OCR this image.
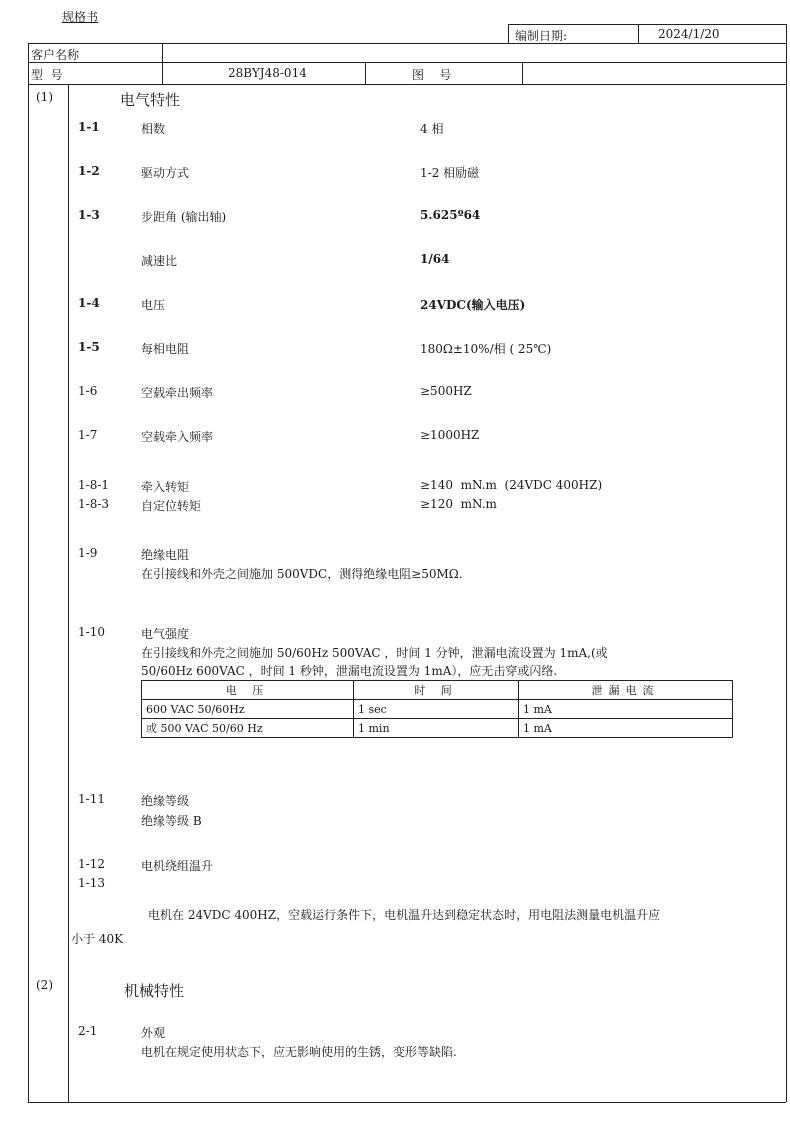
规格书
编制日期:	2024/1/20
客户名称
型  号	28BYJ48-014	图    号
(1)	电气特性
1-1	相数	4 相
1-2	驱动方式	1-2 相励磁
1-3	步距角 (输出轴)	5.625º64
减速比	1/64
1-4	电压	24VDC(输入电压)
1-5	每相电阻	180Ω±10%/相 ( 25℃)
1-6	空载牵出频率	≥500HZ
1-7	空载牵入频率	≥1000HZ
1-8-1	牵入转矩	≥140  mN.m  (24VDC 400HZ)
1-8-3	自定位转矩	≥120  mN.m
1-9	绝缘电阻
在引接线和外壳之间施加 500VDC，测得绝缘电阻≥50MΩ.
1-10	电气强度
在引接线和外壳之间施加 50/60Hz 500VAC ，时间 1 分钟，泄漏电流设置为 1mA,(或
50/60Hz 600VAC ，时间 1 秒钟，泄漏电流设置为 1mA），应无击穿或闪络.
电 压	时 间	泄漏电流
600 VAC 50/60Hz	1 sec	1 mA
或 500 VAC 50/60 Hz	1 min	1 mA
1-11	绝缘等级
绝缘等级 B
1-12	电机绕组温升
1-13
电机在 24VDC 400HZ，空载运行条件下，电机温升达到稳定状态时，用电阻法测量电机温升应
小于 40K
(2)	机械特性
2-1	外观
电机在规定使用状态下，应无影响使用的生锈，变形等缺陷.
